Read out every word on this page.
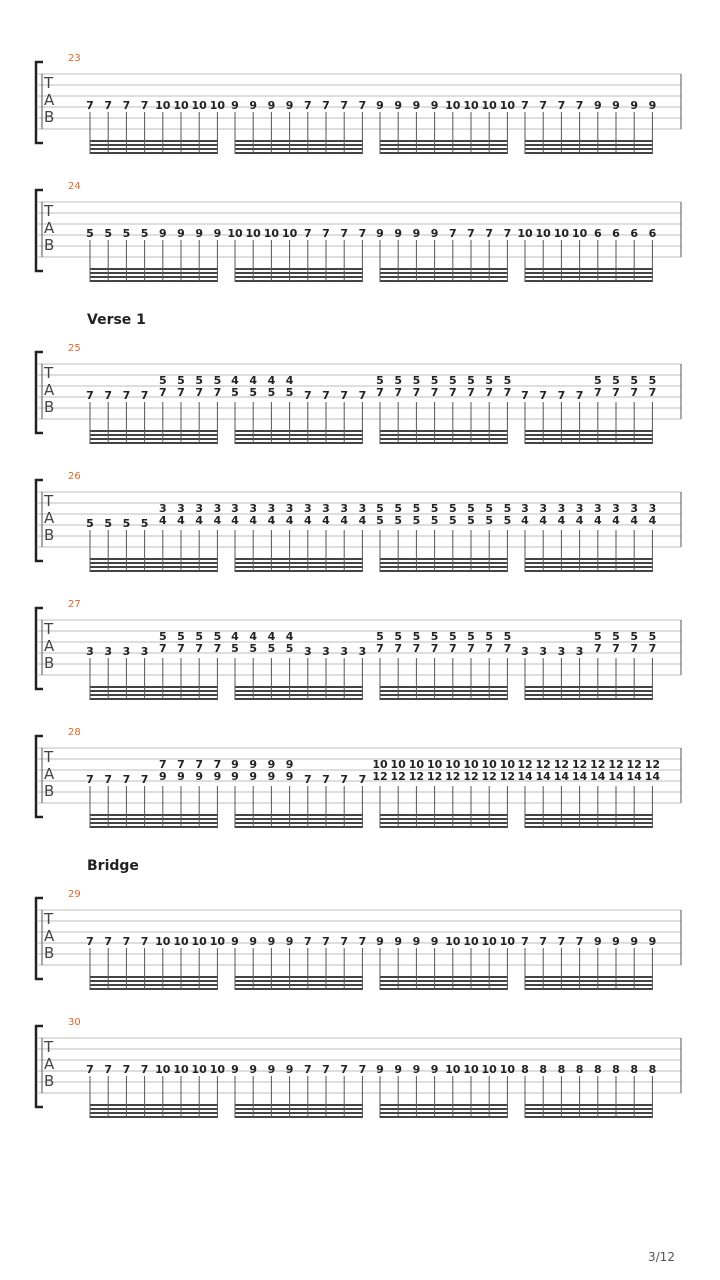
Verse 1
Bridge
23
T
A
B
7 7 7 7 10 10 10 10 9 9 9 9 7 7 7 7 9 9 9 9 10 10 10 10 7 7 7 7 9 9 9 9
24
T
A
B
5 5 5 5 9 9 9 9 10 10 10 10 7 7 7 7 9 9 9 9 7 7 7 7 10 10 10 10 6 6 6 6
25
T
A
B
7 7 7 7
5
7
5
7
5
7
5
7
4
5
4
5
4
5
4
5 7 7 7 7
5
7
5
7
5
7
5
7
5
7
5
7
5
7
5
7 7 7 7 7
5
7
5
7
5
7
5
7
26
T
A
B
5 5 5 5
3
4
3
4
3
4
3
4
3
4
3
4
3
4
3
4
3
4
3
4
3
4
3
4
5
5
5
5
5
5
5
5
5
5
5
5
5
5
5
5
3
4
3
4
3
4
3
4
3
4
3
4
3
4
3
4
27
T
A
B
3 3 3 3
5
7
5
7
5
7
5
7
4
5
4
5
4
5
4
5 3 3 3 3
5
7
5
7
5
7
5
7
5
7
5
7
5
7
5
7 3 3 3 3
5
7
5
7
5
7
5
7
28
T
A
B
7 7 7 7
7
9
7
9
7
9
7
9
9
9
9
9
9
9
9
9 7 7 7 7
10
12
10
12
10
12
10
12
10
12
10
12
10
12
10
12
12
14
12
14
12
14
12
14
12
14
12
14
12
14
12
14
29
T
A
B
7 7 7 7 10 10 10 10 9 9 9 9 7 7 7 7 9 9 9 9 10 10 10 10 7 7 7 7 9 9 9 9
30
T
A
B
7 7 7 7 10 10 10 10 9 9 9 9 7 7 7 7 9 9 9 9 10 10 10 10 8 8 8 8 8 8 8 8
3/12
